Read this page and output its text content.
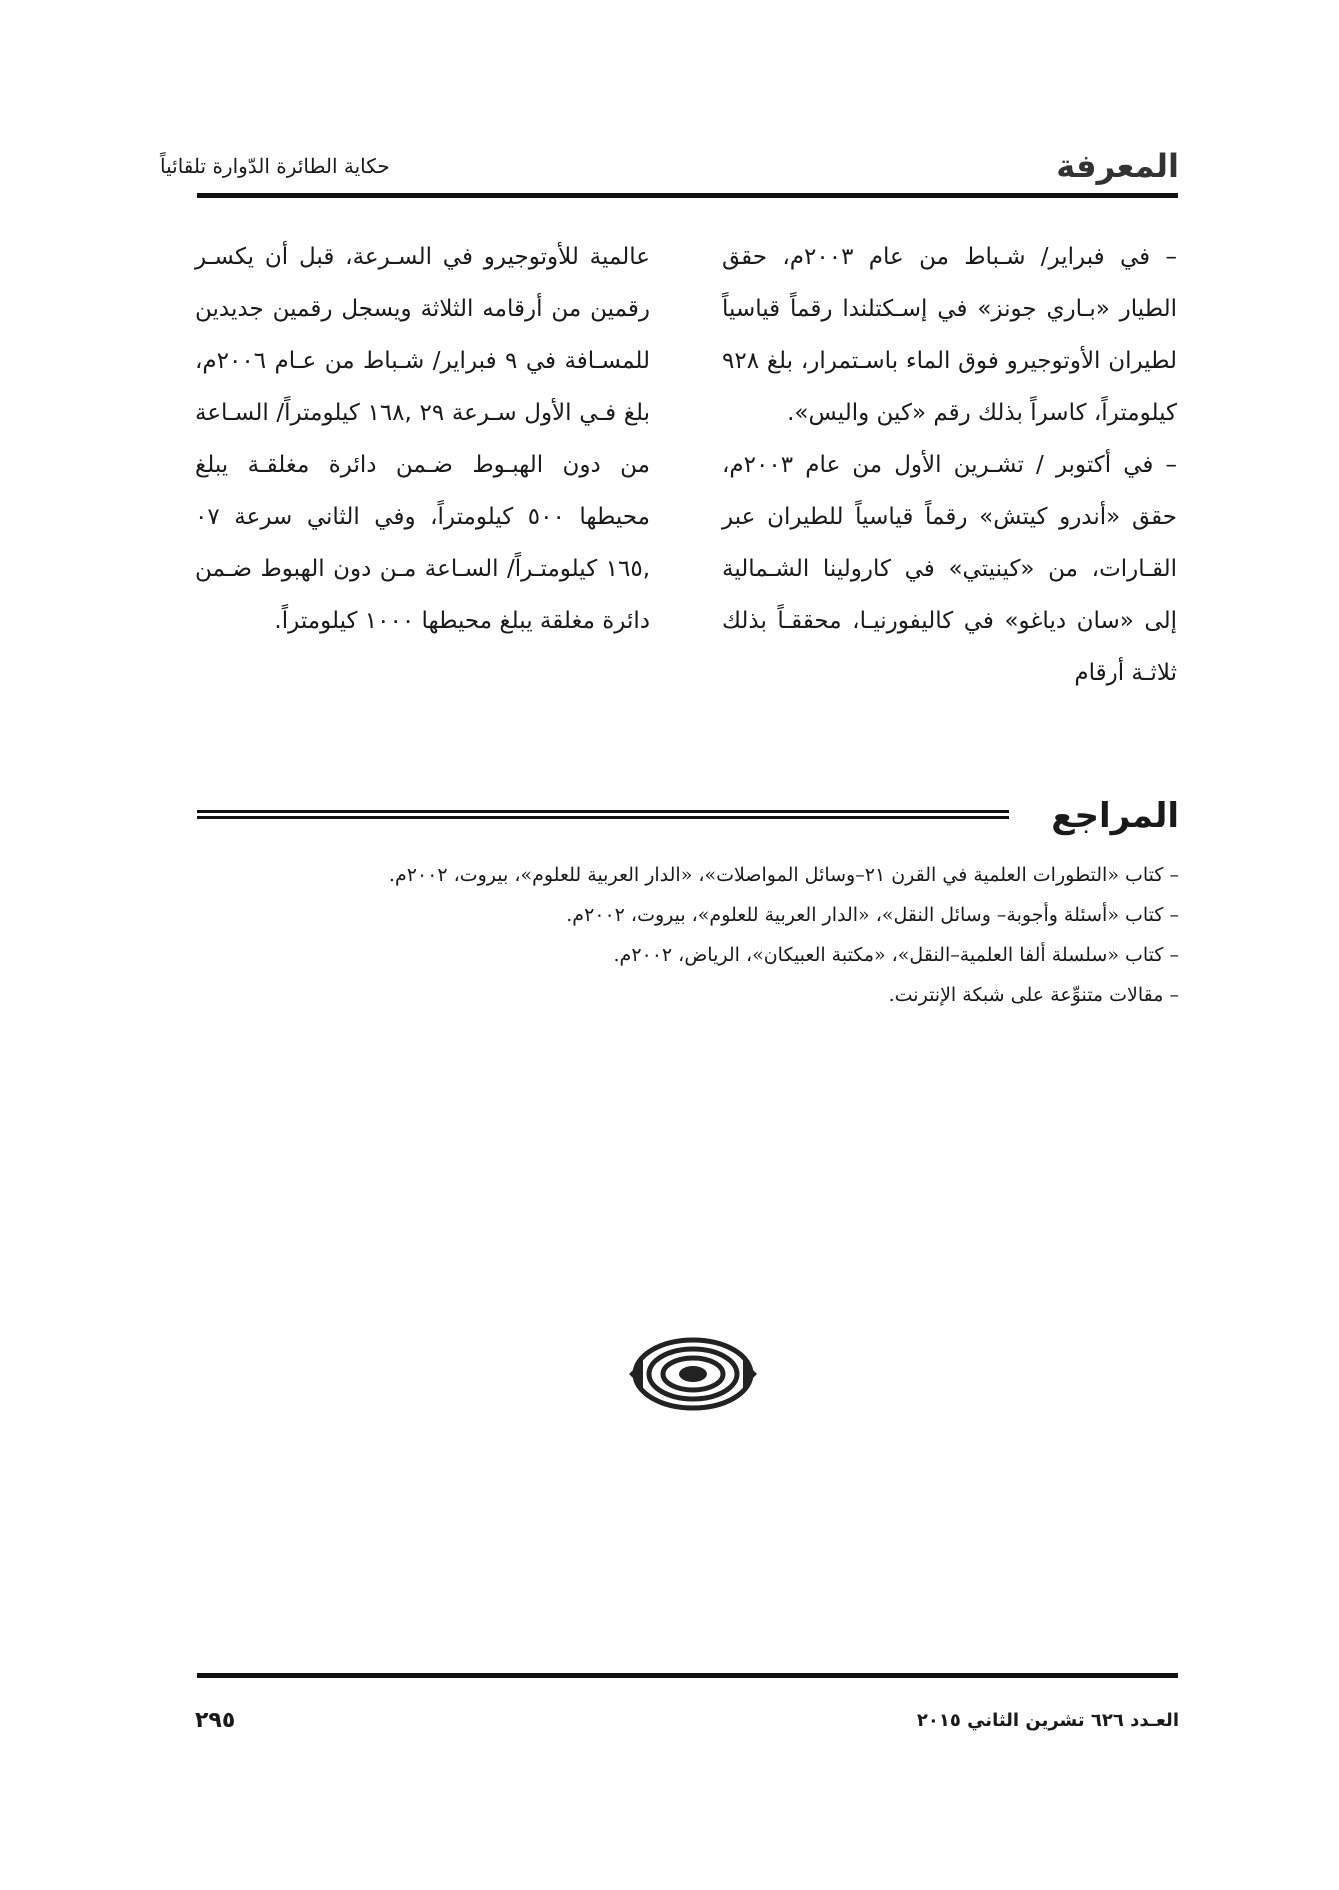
المعرفة
حكاية الطائرة الدّوارة تلقائياً

– في فبراير/ شـباط من عام ٢٠٠٣م، حقق الطيار «بـاري جونز» في إسـكتلندا رقماً قياسياً لطيران الأوتوجيرو فوق الماء باسـتمرار، بلغ ٩٢٨ كيلومتراً، كاسراً بذلك رقم «كين واليس».

– في أكتوبر / تشـرين الأول من عام ٢٠٠٣م، حقق «أندرو كيتش» رقماً قياسياً للطيران عبر القـارات، من «كينيتي» في كارولينا الشـمالية إلى «سان دياغو» في كاليفورنيـا، محققـاً بذلك ثلاثـة أرقام

عالمية للأوتوجيرو في السـرعة، قبل أن يكسـر رقمين من أرقامه الثلاثة ويسجل رقمين جديدين للمسـافة في ٩ فبراير/ شـباط من عـام ٢٠٠٦م، بلغ فـي الأول سـرعة ٢٩ ,١٦٨ كيلومتراً/ السـاعة من دون الهبـوط ضـمن دائرة مغلقـة يبلغ محيطها ٥٠٠ كيلومتراً، وفي الثاني سرعة ٠٧ ,١٦٥ كيلومتـراً/ السـاعة مـن دون الهبوط ضـمن دائرة مغلقة يبلغ محيطها ١٠٠٠ كيلومتراً.

المراجع
– كتاب «التطورات العلمية في القرن ٢١–وسائل المواصلات»، «الدار العربية للعلوم»، بيروت، ٢٠٠٢م.
– كتاب «أسئلة وأجوبة– وسائل النقل»، «الدار العربية للعلوم»، بيروت، ٢٠٠٢م.
– كتاب «سلسلة ألفا العلمية–النقل»، «مكتبة العبيكان»، الرياض، ٢٠٠٢م.
– مقالات متنوِّعة على شبكة الإنترنت.
العـدد ٦٢٦ تشرين الثاني ٢٠١٥
٢٩٥
